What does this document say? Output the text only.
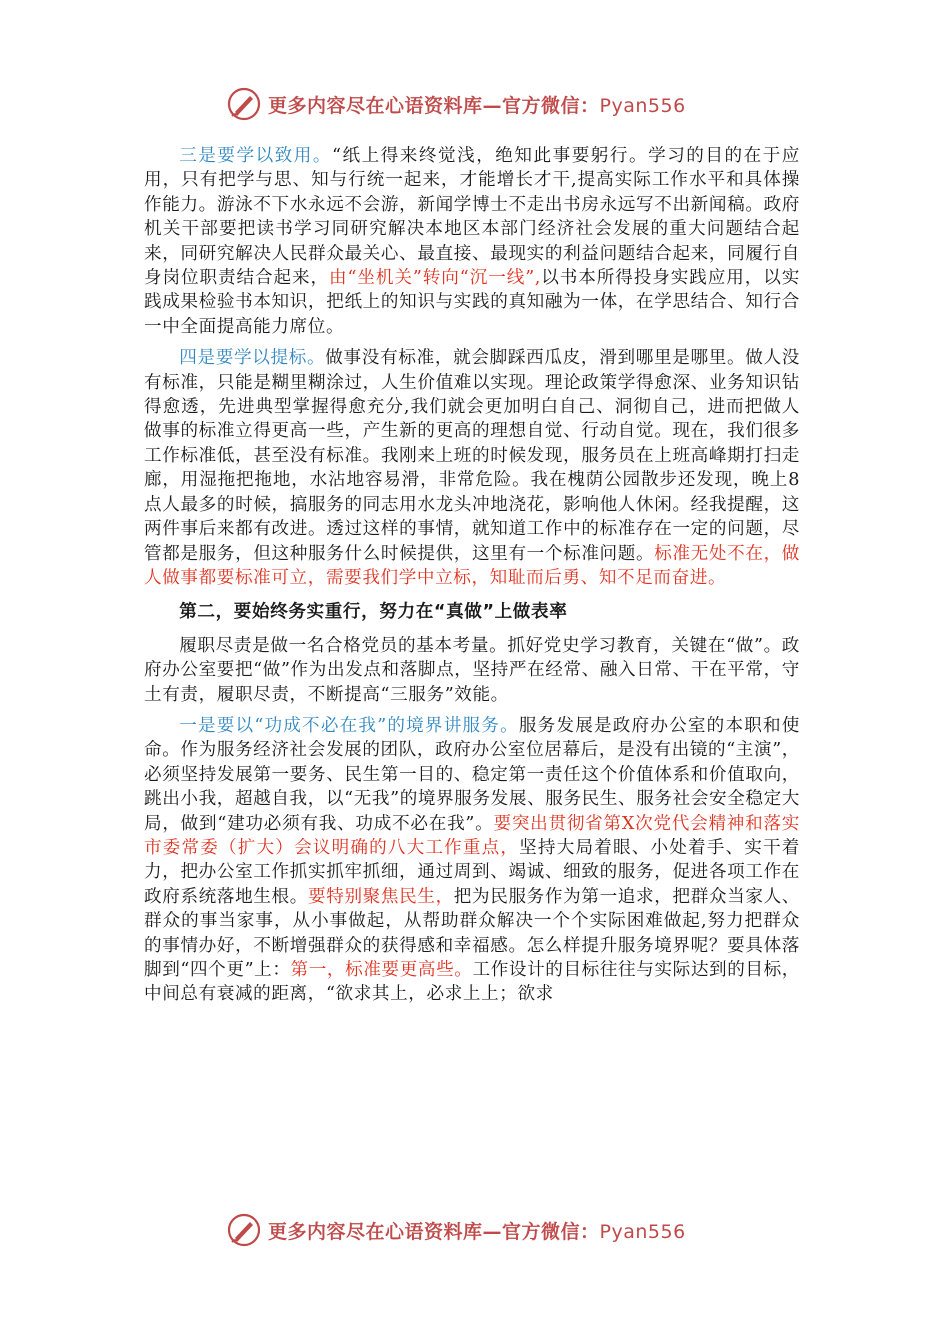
更多内容尽在心语资料库—官方微信：Pyan556

三是要学以致用。“纸上得来终觉浅，绝知此事要躬行。学习的目的在于应用，只有把学与思、知与行统一起来，才能增长才干,提高实际工作水平和具体操作能力。游泳不下水永远不会游，新闻学博士不走出书房永远写不出新闻稿。政府机关干部要把读书学习同研究解决本地区本部门经济社会发展的重大问题结合起来，同研究解决人民群众最关心、最直接、最现实的利益问题结合起来，同履行自身岗位职责结合起来，由“坐机关”转向“沉一线”,以书本所得投身实践应用，以实践成果检验书本知识，把纸上的知识与实践的真知融为一体，在学思结合、知行合一中全面提高能力席位。

四是要学以提标。做事没有标准，就会脚踩西瓜皮，滑到哪里是哪里。做人没有标准，只能是糊里糊涂过，人生价值难以实现。理论政策学得愈深、业务知识钻得愈透，先进典型掌握得愈充分,我们就会更加明白自己、洞彻自己，进而把做人做事的标准立得更高一些，产生新的更高的理想自觉、行动自觉。现在，我们很多工作标准低，甚至没有标准。我刚来上班的时候发现，服务员在上班高峰期打扫走廊，用湿拖把拖地，水沾地容易滑，非常危险。我在槐荫公园散步还发现，晚上8点人最多的时候，搞服务的同志用水龙头冲地浇花，影响他人休闲。经我提醒，这两件事后来都有改进。透过这样的事情，就知道工作中的标准存在一定的问题，尽管都是服务，但这种服务什么时候提供，这里有一个标准问题。标准无处不在，做人做事都要标准可立，需要我们学中立标，知耻而后勇、知不足而奋进。

第二，要始终务实重行，努力在“真做”上做表率

履职尽责是做一名合格党员的基本考量。抓好党史学习教育，关键在“做”。政府办公室要把“做”作为出发点和落脚点，坚持严在经常、融入日常、干在平常，守土有责，履职尽责，不断提高“三服务”效能。

一是要以“功成不必在我”的境界讲服务。服务发展是政府办公室的本职和使命。作为服务经济社会发展的团队，政府办公室位居幕后，是没有出镜的“主演”，必须坚持发展第一要务、民生第一目的、稳定第一责任这个价值体系和价值取向，跳出小我，超越自我，以“无我”的境界服务发展、服务民生、服务社会安全稳定大局，做到“建功必须有我、功成不必在我”。要突出贯彻省第X次党代会精神和落实市委常委（扩大）会议明确的八大工作重点，坚持大局着眼、小处着手、实干着力，把办公室工作抓实抓牢抓细，通过周到、竭诚、细致的服务，促进各项工作在政府系统落地生根。要特别聚焦民生，把为民服务作为第一追求，把群众当家人、群众的事当家事，从小事做起，从帮助群众解决一个个实际困难做起,努力把群众的事情办好，不断增强群众的获得感和幸福感。怎么样提升服务境界呢？要具体落脚到“四个更”上：第一，标准要更高些。工作设计的目标往往与实际达到的目标，中间总有衰减的距离，“欲求其上，必求上上；欲求

更多内容尽在心语资料库—官方微信：Pyan556
